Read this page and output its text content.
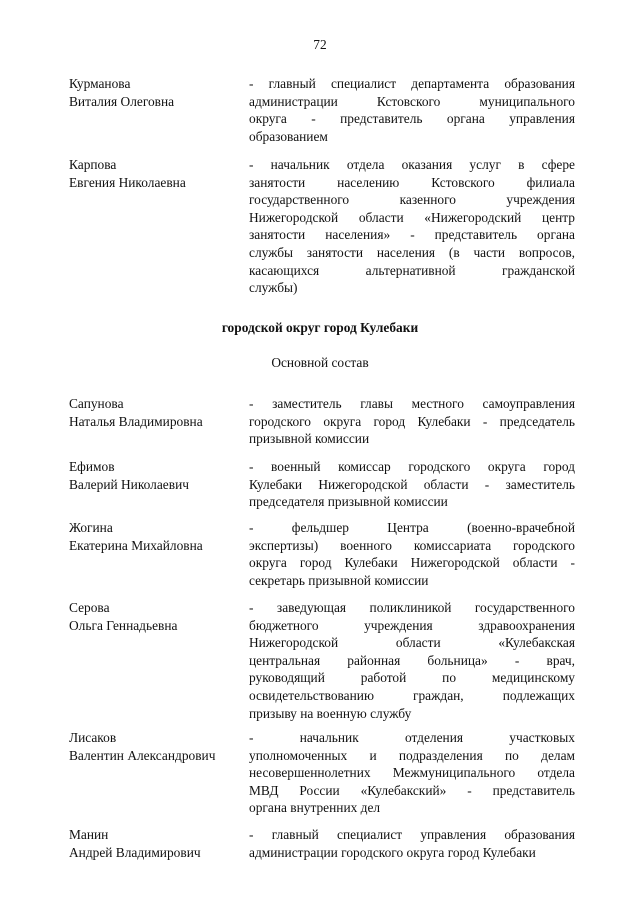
72
Курманова
Виталия Олеговна
- главный специалист департамента образования
администрации Кстовского муниципального
округа - представитель органа управления
образованием
Карпова
Евгения Николаевна
- начальник отдела оказания услуг в сфере
занятости населению Кстовского филиала
государственного казенного учреждения
Нижегородской области «Нижегородский центр
занятости населения» - представитель органа
службы занятости населения (в части вопросов,
касающихся альтернативной гражданской
службы)
городской округ город Кулебаки
Основной состав
Сапунова
Наталья Владимировна
- заместитель главы местного самоуправления
городского округа город Кулебаки - председатель
призывной комиссии
Ефимов
Валерий Николаевич
- военный комиссар городского округа город
Кулебаки Нижегородской области - заместитель
председателя призывной комиссии
Жогина
Екатерина Михайловна
- фельдшер Центра (военно-врачебной
экспертизы) военного комиссариата городского
округа город Кулебаки Нижегородской области -
секретарь призывной комиссии
Серова
Ольга Геннадьевна
- заведующая поликлиникой государственного
бюджетного учреждения здравоохранения
Нижегородской области «Кулебакская
центральная районная больница» - врач,
руководящий работой по медицинскому
освидетельствованию граждан, подлежащих
призыву на военную службу
Лисаков
Валентин Александрович
- начальник отделения участковых
уполномоченных и подразделения по делам
несовершеннолетних Межмуниципального отдела
МВД России «Кулебакский» - представитель
органа внутренних дел
Манин
Андрей Владимирович
- главный специалист управления образования
администрации городского округа город Кулебаки
